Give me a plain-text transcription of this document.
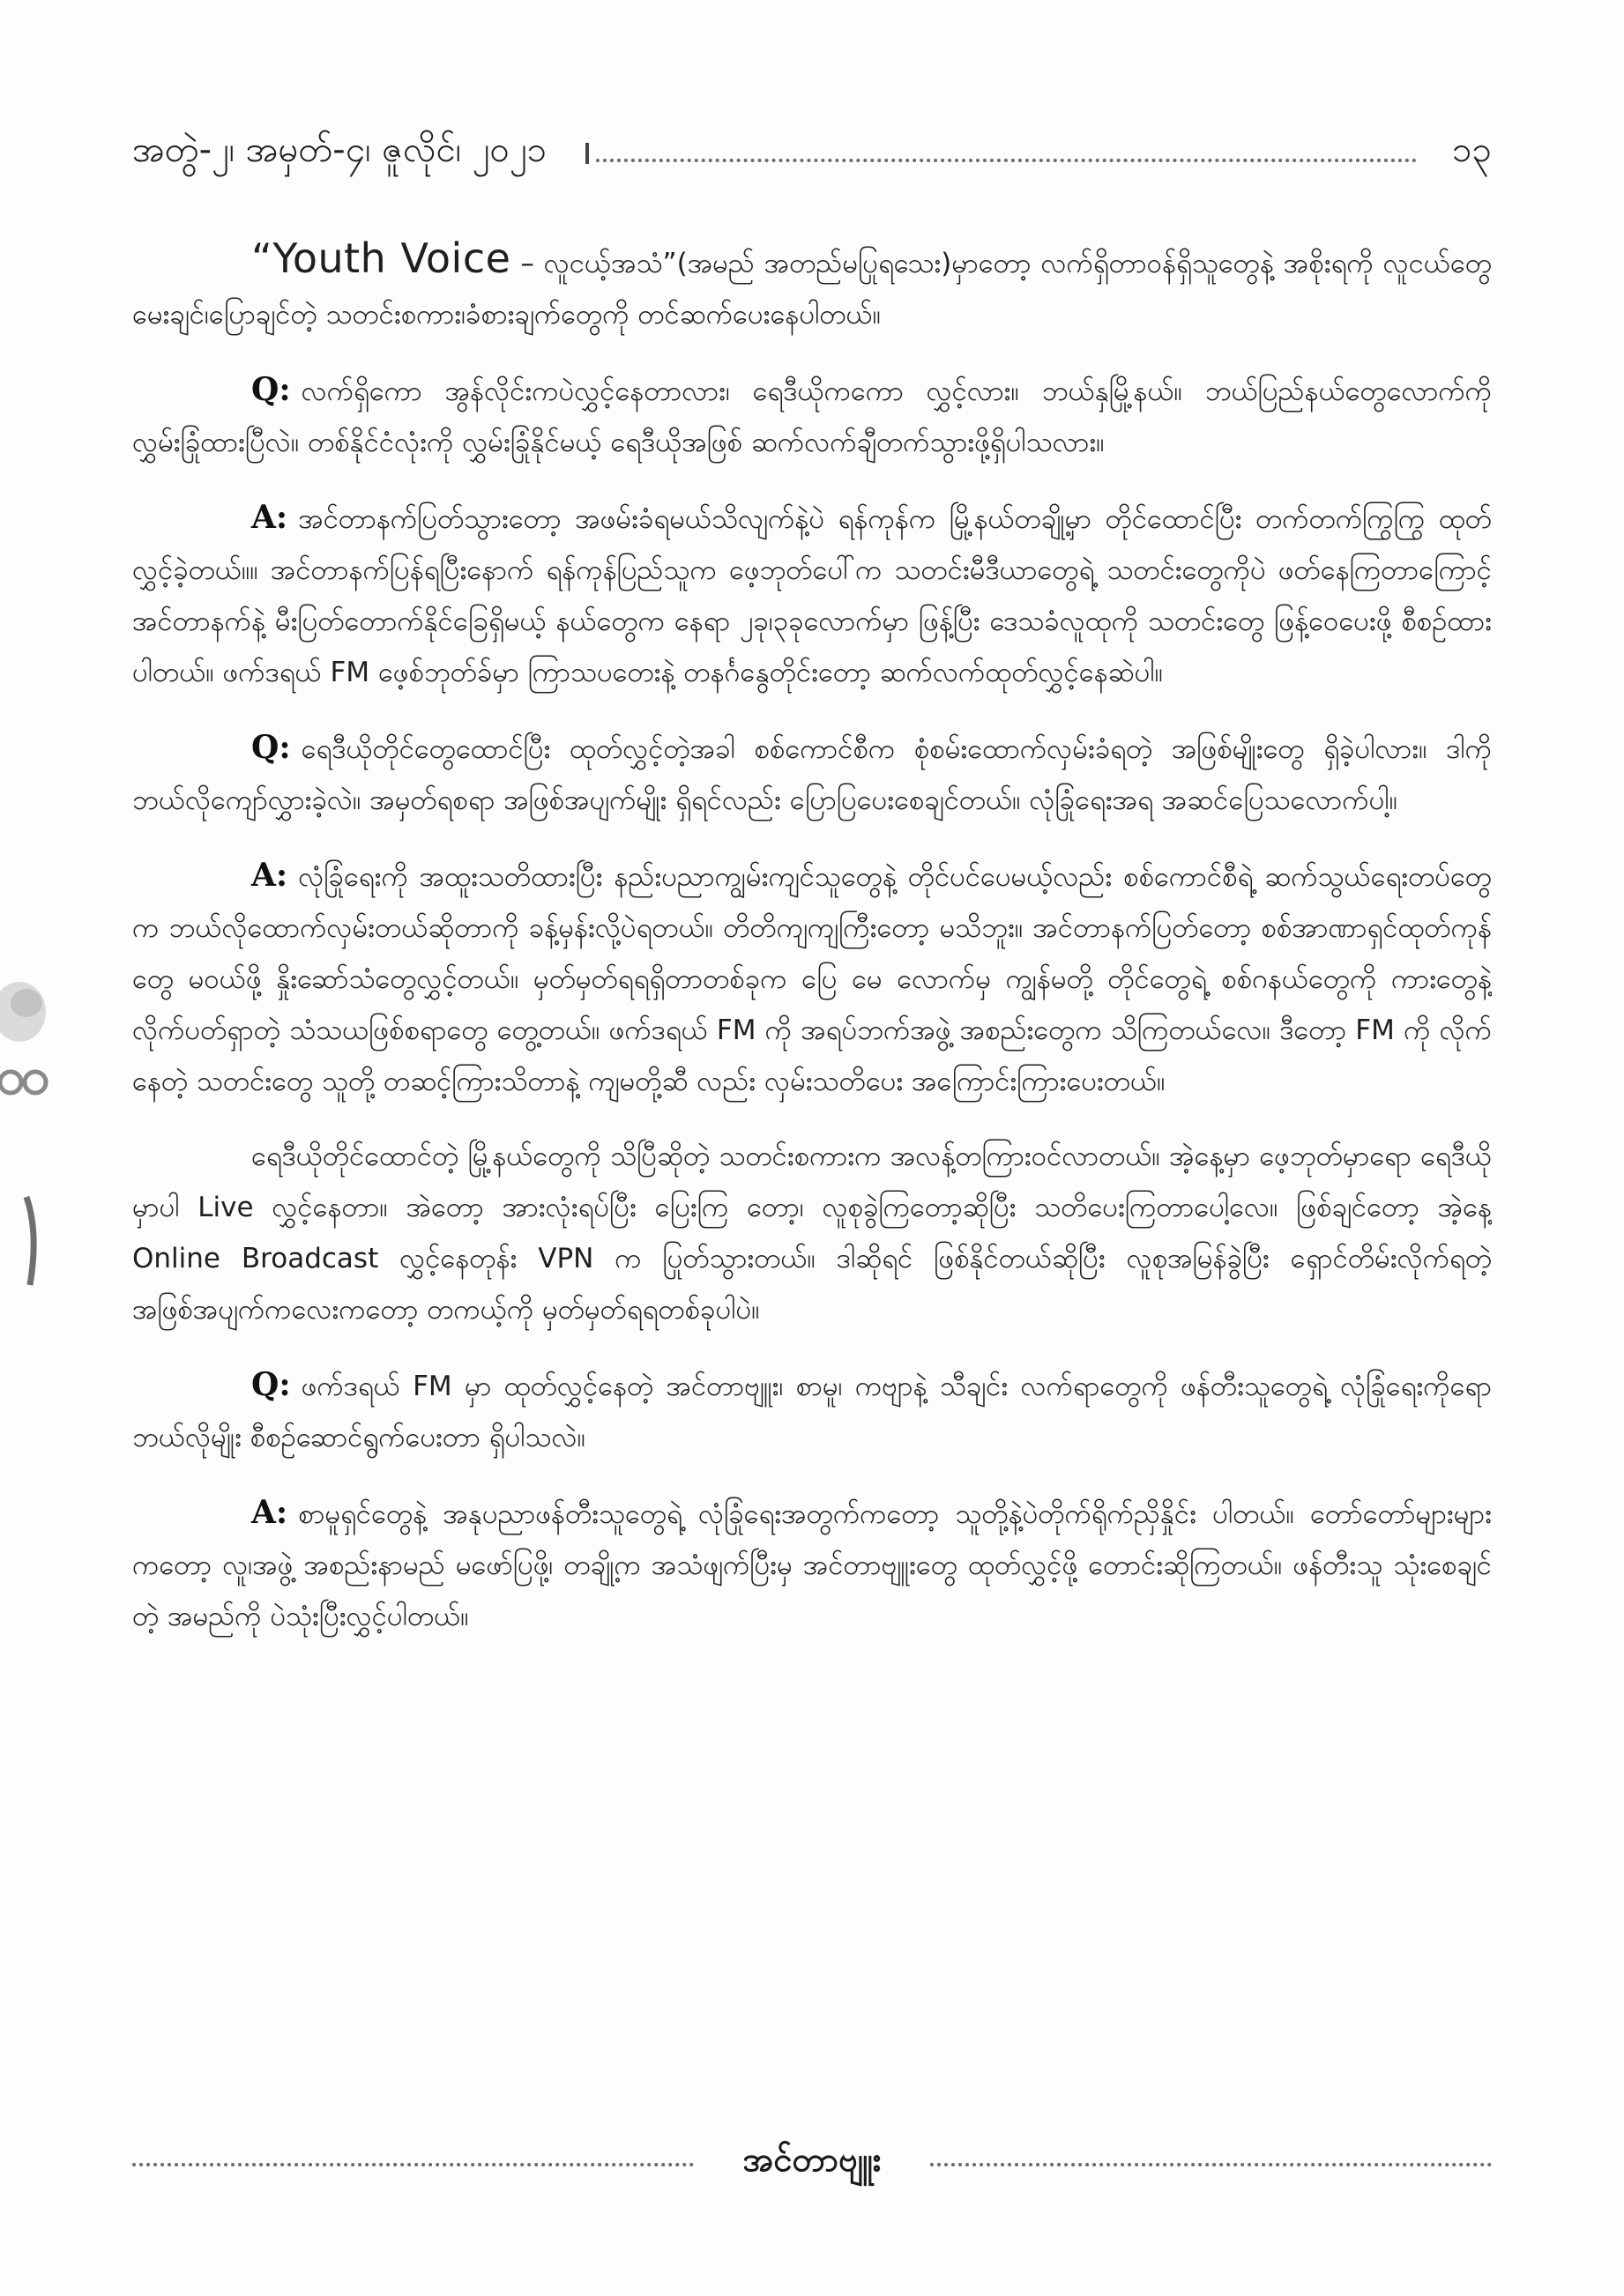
အတွဲ-၂၊ အမှတ်-၄၊ ဇူလိုင်၊ ၂၀၂၁	၁၃

“Youth Voice – လူငယ့်အသံ”(အမည် အတည်မပြုရသေး)မှာတော့ လက်ရှိတာဝန်ရှိသူတွေနဲ့ အစိုးရကို လူငယ်တွေ မေးချင်၊ပြောချင်တဲ့ သတင်းစကား၊ခံစားချက်တွေကို တင်ဆက်ပေးနေပါတယ်။

Q: လက်ရှိကော အွန်လိုင်းကပဲလွှင့်နေတာလား၊ ရေဒီယိုကကော လွှင့်လား။ ဘယ်နှမြို့နယ်။ ဘယ်ပြည်နယ်တွေလောက်ကို လွှမ်းခြုံထားပြီလဲ။ တစ်နိုင်ငံလုံးကို လွှမ်းခြုံနိုင်မယ့် ရေဒီယိုအဖြစ် ဆက်လက်ချီတက်သွားဖို့ရှိပါသလား။

A: အင်တာနက်ပြတ်သွားတော့ အဖမ်းခံရမယ်သိလျက်နဲ့ပဲ ရန်ကုန်က မြို့နယ်တချို့မှာ တိုင်ထောင်ပြီး တက်တက်ကြွကြွ ထုတ်လွှင့်ခဲ့တယ်။။ အင်တာနက်ပြန်ရပြီးနောက် ရန်ကုန်ပြည်သူက ဖေ့ဘုတ်ပေါ်က သတင်းမီဒီယာတွေရဲ့ သတင်းတွေကိုပဲ ဖတ်နေကြတာကြောင့် အင်တာနက်နဲ့ မီးပြတ်တောက်နိုင်ခြေရှိမယ့် နယ်တွေက နေရာ ၂ခု၊၃ခုလောက်မှာ ဖြန့်ပြီး ဒေသခံလူထုကို သတင်းတွေ ဖြန့်ဝေပေးဖို့ စီစဉ်ထားပါတယ်။ ဖက်ဒရယ် FM ဖေ့စ်ဘုတ်ခ်မှာ ကြာသပတေးနဲ့ တနင်္ဂနွေတိုင်းတော့ ဆက်လက်ထုတ်လွှင့်နေဆဲပါ။

Q: ရေဒီယိုတိုင်တွေထောင်ပြီး ထုတ်လွှင့်တဲ့အခါ စစ်ကောင်စီက စုံစမ်းထောက်လှမ်းခံရတဲ့ အဖြစ်မျိုးတွေ ရှိခဲ့ပါလား။ ဒါကို ဘယ်လိုကျော်လွှားခဲ့လဲ။ အမှတ်ရစရာ အဖြစ်အပျက်မျိုး ရှိရင်လည်း ပြောပြပေးစေချင်တယ်။ လုံခြုံရေးအရ အဆင်ပြေသလောက်ပါ့။

A: လုံခြုံရေးကို အထူးသတိထားပြီး နည်းပညာကျွမ်းကျင်သူတွေနဲ့ တိုင်ပင်ပေမယ့်လည်း စစ်ကောင်စီရဲ့ ဆက်သွယ်ရေးတပ်တွေက ဘယ်လိုထောက်လှမ်းတယ်ဆိုတာကို ခန့်မှန်းလို့ပဲရတယ်။ တိတိကျကျကြီးတော့ မသိဘူး။ အင်တာနက်ပြတ်တော့ စစ်အာဏာရှင်ထုတ်ကုန်တွေ မဝယ်ဖို့ နှိုးဆော်သံတွေလွှင့်တယ်။ မှတ်မှတ်ရရရှိတာတစ်ခုက ပြေ မေ လောက်မှ ကျွန်မတို့ တိုင်တွေရဲ့ စစ်ဂနယ်တွေကို ကားတွေနဲ့ လိုက်ပတ်ရှာတဲ့ သံသယဖြစ်စရာတွေ တွေ့တယ်။ ဖက်ဒရယ် FM ကို အရပ်ဘက်အဖွဲ့ အစည်းတွေက သိကြတယ်လေ။ ဒီတော့ FM ကို လိုက်နေတဲ့ သတင်းတွေ သူတို့ တဆင့်ကြားသိတာနဲ့ ကျမတို့ဆီ လည်း လှမ်းသတိပေး အကြောင်းကြားပေးတယ်။

ရေဒီယိုတိုင်ထောင်တဲ့ မြို့နယ်တွေကို သိပြီဆိုတဲ့ သတင်းစကားက အလန့်တကြားဝင်လာတယ်။ အဲ့နေ့မှာ ဖေ့ဘုတ်မှာရော ရေဒီယိုမှာပါ Live လွှင့်နေတာ။ အဲတော့ အားလုံးရပ်ပြီး ပြေးကြ တော့၊ လူစုခွဲကြတော့ဆိုပြီး သတိပေးကြတာပေါ့လေ။ ဖြစ်ချင်တော့ အဲ့နေ့ Online Broadcast လွှင့်နေတုန်း VPN က ပြုတ်သွားတယ်။ ဒါဆိုရင် ဖြစ်နိုင်တယ်ဆိုပြီး လူစုအမြန်ခွဲပြီး ရှောင်တိမ်းလိုက်ရတဲ့ အဖြစ်အပျက်ကလေးကတော့ တကယ့်ကို မှတ်မှတ်ရရတစ်ခုပါပဲ။

Q: ဖက်ဒရယ် FM မှာ ထုတ်လွှင့်နေတဲ့ အင်တာဗျူး၊ စာမူ၊ ကဗျာနဲ့ သီချင်း လက်ရာတွေကို ဖန်တီးသူတွေရဲ့ လုံခြုံရေးကိုရော ဘယ်လိုမျိုး စီစဉ်ဆောင်ရွက်ပေးတာ ရှိပါသလဲ။

A: စာမူရှင်တွေနဲ့ အနုပညာဖန်တီးသူတွေရဲ့ လုံခြုံရေးအတွက်ကတော့ သူတို့နဲ့ပဲတိုက်ရိုက်ညှိနှိုင်း ပါတယ်။ တော်တော်များများကတော့ လူ၊အဖွဲ့ အစည်းနာမည် မဖော်ပြဖို့၊ တချို့က အသံဖျက်ပြီးမှ အင်တာဗျူးတွေ ထုတ်လွှင့်ဖို့ တောင်းဆိုကြတယ်။ ဖန်တီးသူ သုံးစေချင်တဲ့ အမည်ကို ပဲသုံးပြီးလွှင့်ပါတယ်။

အင်တာဗျူး
